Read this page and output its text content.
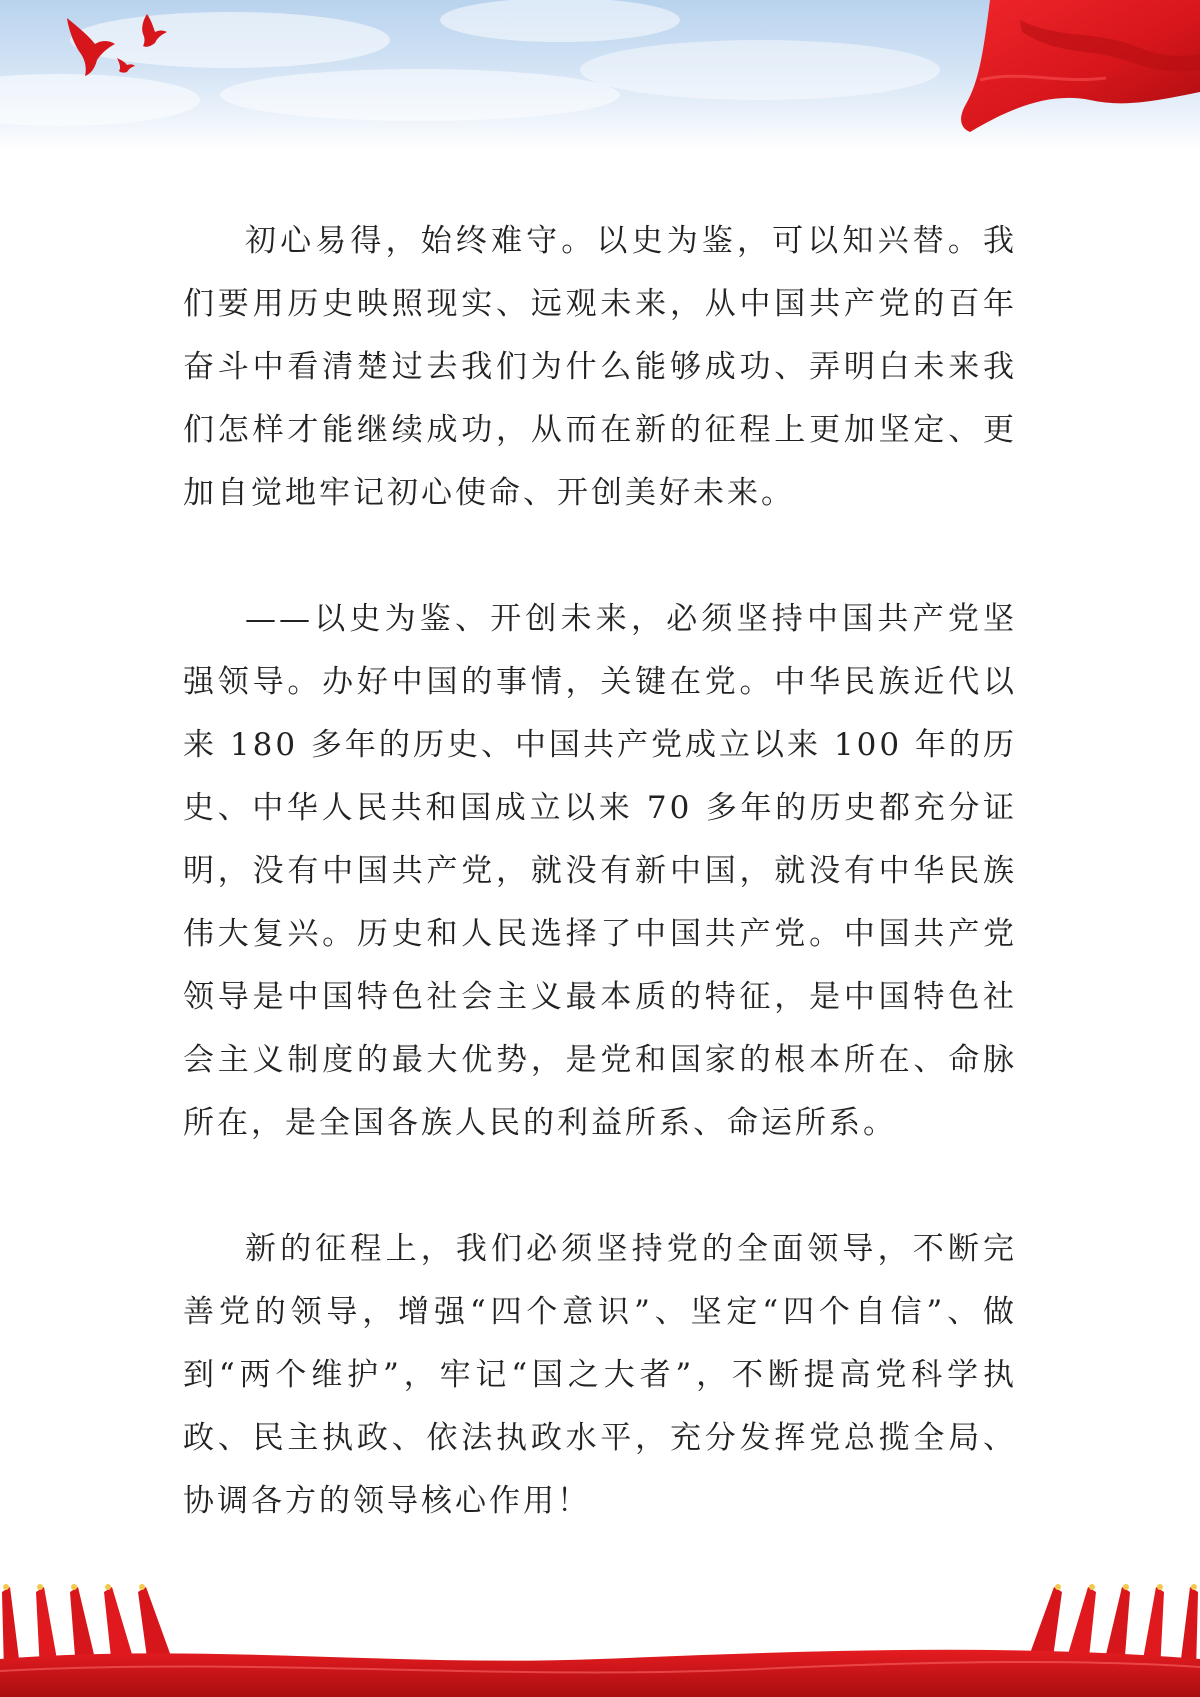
初心易得，始终难守。以史为鉴，可以知兴替。我们要用历史映照现实、远观未来，从中国共产党的百年奋斗中看清楚过去我们为什么能够成功、弄明白未来我们怎样才能继续成功，从而在新的征程上更加坚定、更加自觉地牢记初心使命、开创美好未来。

——以史为鉴、开创未来，必须坚持中国共产党坚强领导。办好中国的事情，关键在党。中华民族近代以来 180 多年的历史、中国共产党成立以来 100 年的历史、中华人民共和国成立以来 70 多年的历史都充分证明，没有中国共产党，就没有新中国，就没有中华民族伟大复兴。历史和人民选择了中国共产党。中国共产党领导是中国特色社会主义最本质的特征，是中国特色社会主义制度的最大优势，是党和国家的根本所在、命脉所在，是全国各族人民的利益所系、命运所系。

新的征程上，我们必须坚持党的全面领导，不断完善党的领导，增强“四个意识”、坚定“四个自信”、做到“两个维护”，牢记“国之大者”，不断提高党科学执政、民主执政、依法执政水平，充分发挥党总揽全局、协调各方的领导核心作用！
